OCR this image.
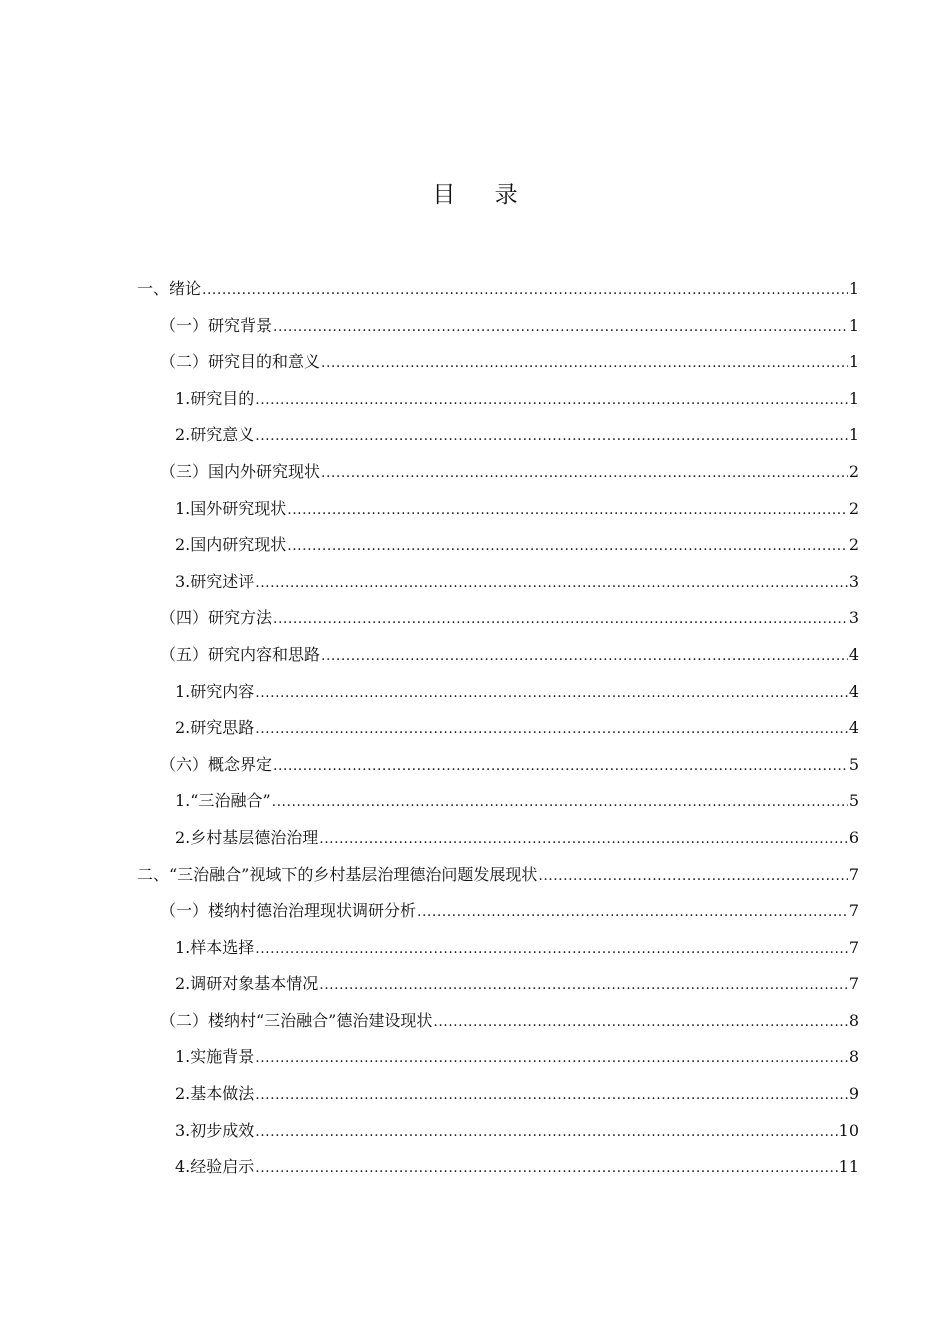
目 录
一、绪论 .....	1
（一）研究背景 .....	1
（二）研究目的和意义 .....	1
1.研究目的 .....	1
2.研究意义 .....	1
（三）国内外研究现状 .....	2
1.国外研究现状 .....	2
2.国内研究现状 .....	2
3.研究述评 .....	3
（四）研究方法 .....	3
（五）研究内容和思路 .....	4
1.研究内容 .....	4
2.研究思路 .....	4
（六）概念界定 .....	5
1.“三治融合” .....	5
2.乡村基层德治治理 .....	6
二、“三治融合”视域下的乡村基层治理德治问题发展现状 .....	7
（一）楼纳村德治治理现状调研分析 .....	7
1.样本选择 .....	7
2.调研对象基本情况 .....	7
（二）楼纳村“三治融合”德治建设现状 .....	8
1.实施背景 .....	8
2.基本做法 .....	9
3.初步成效 .....	10
4.经验启示 .....	11
